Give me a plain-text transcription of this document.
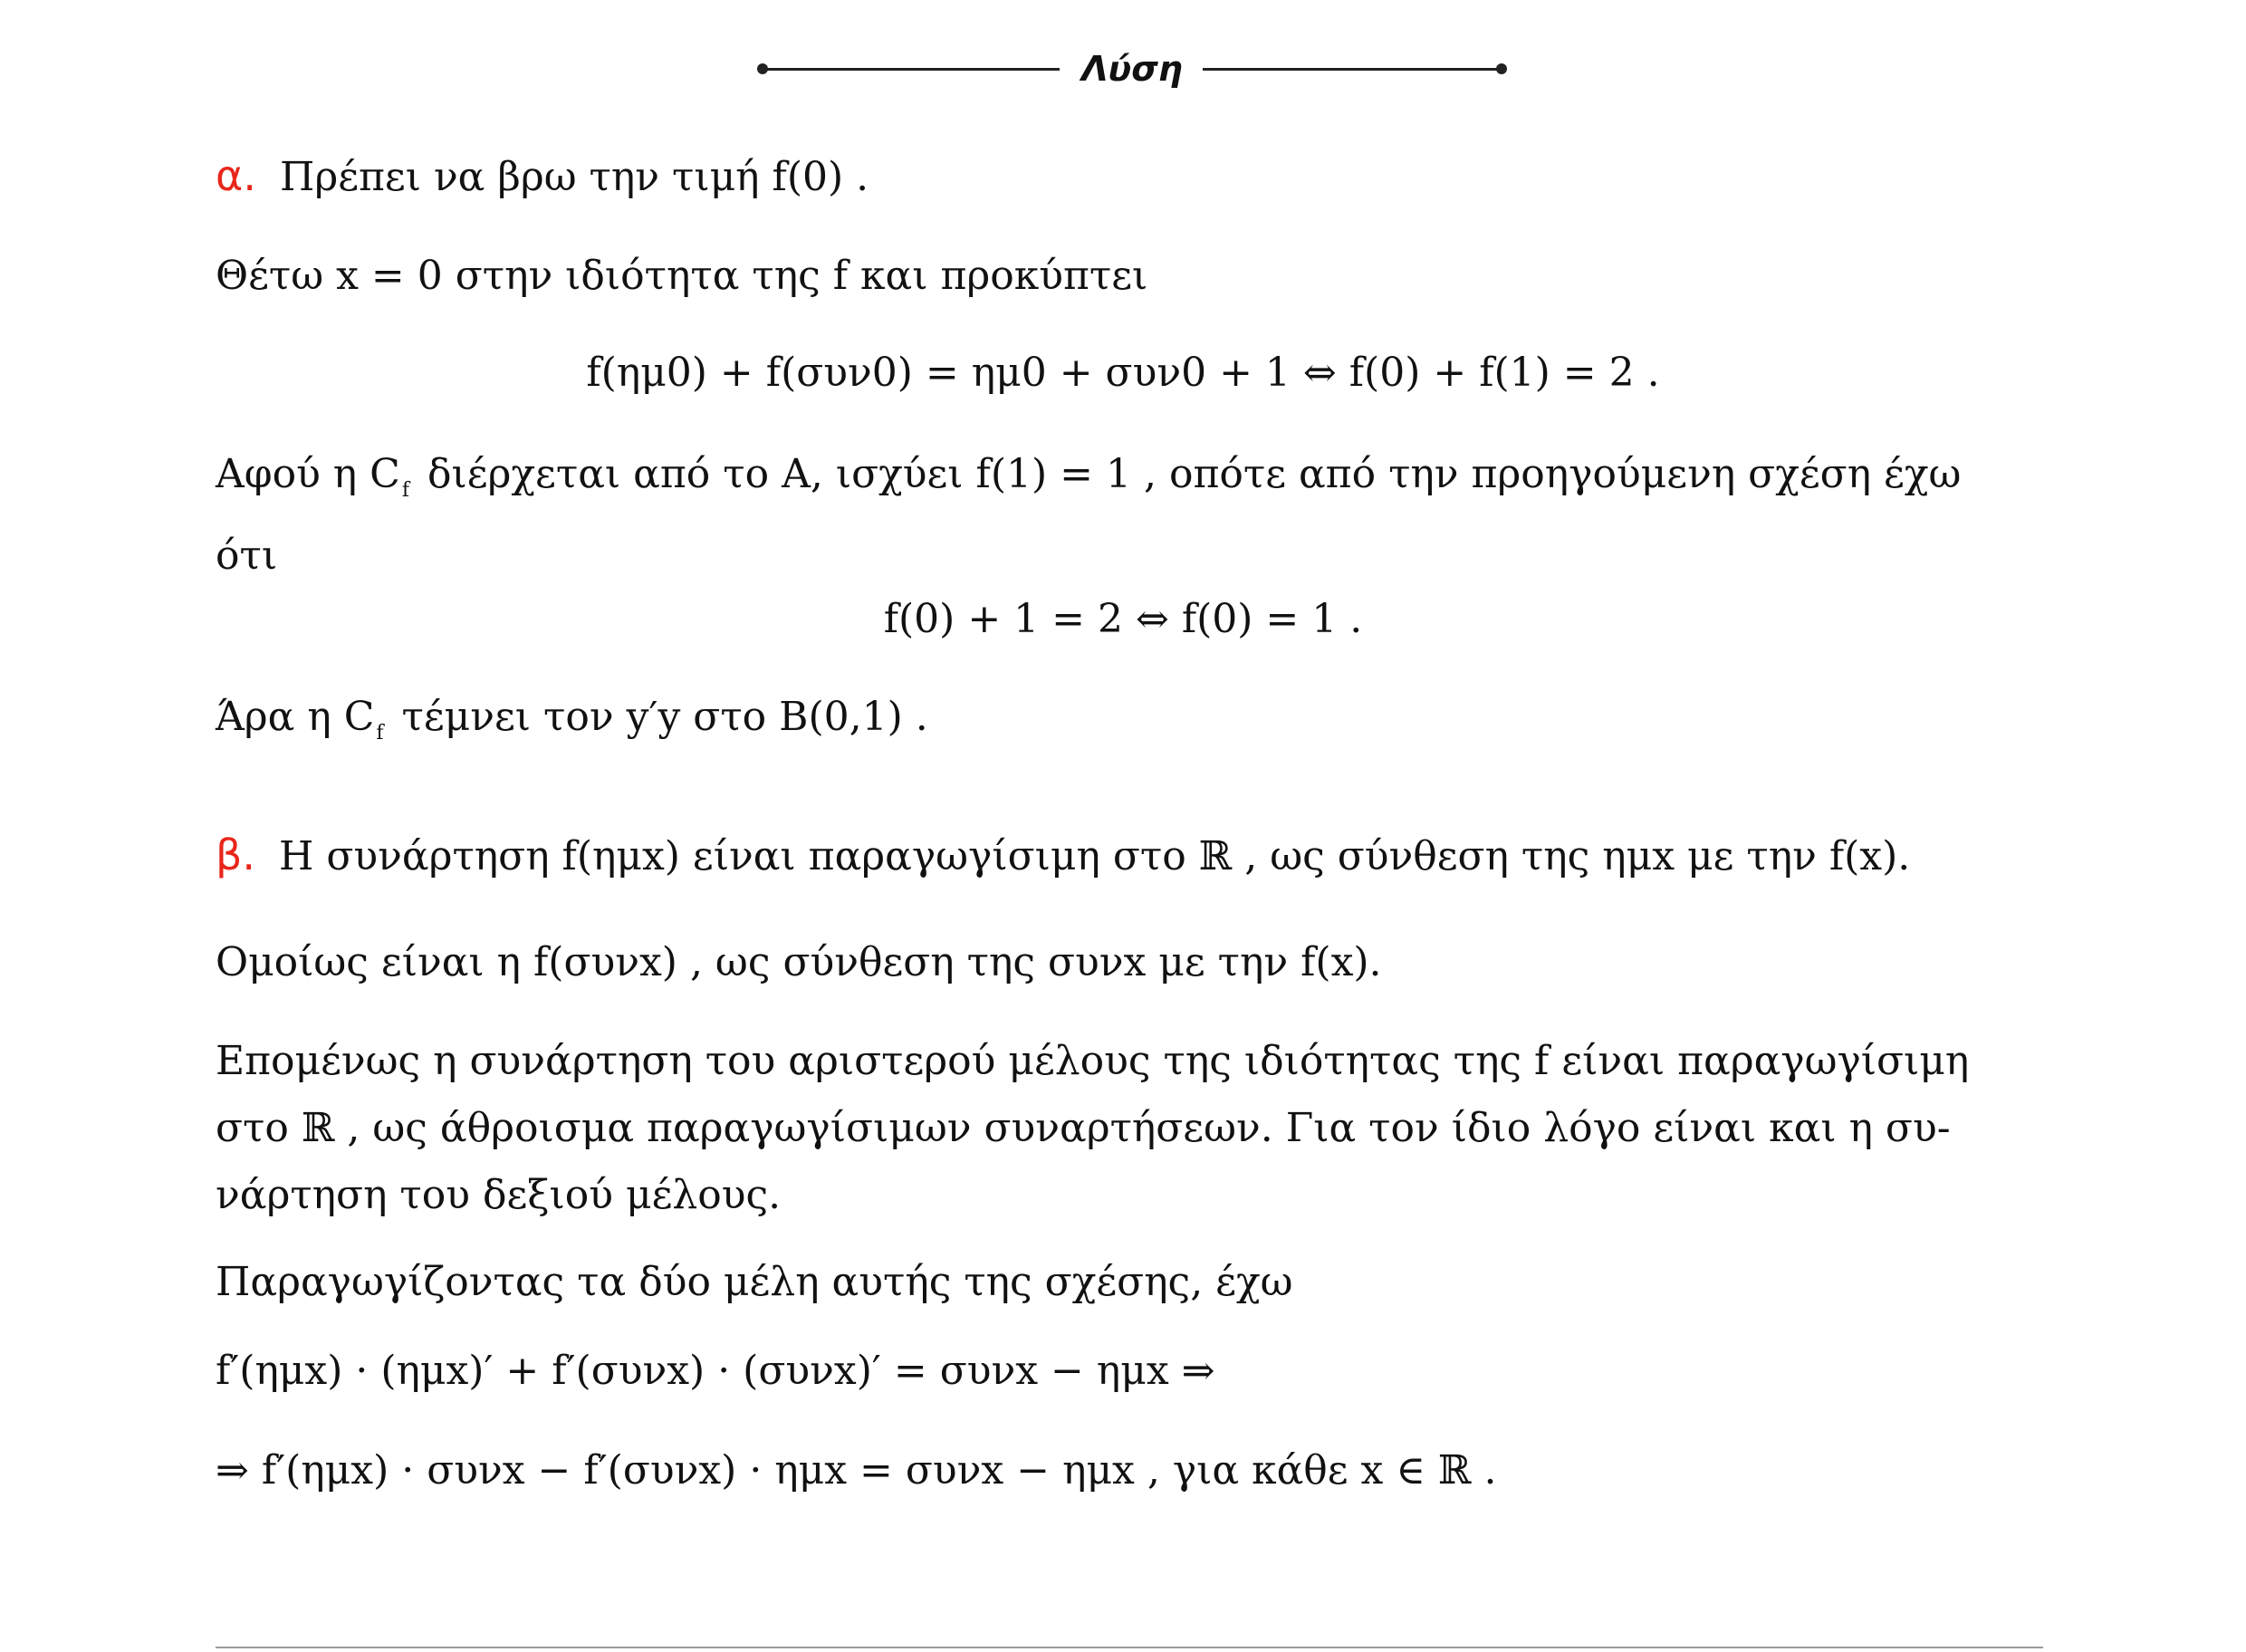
Λύση
α. Πρέπει να βρω την τιμή f(0) .
Θέτω x = 0 στην ιδιότητα της f και προκύπτει
f(ημ0) + f(συν0) = ημ0 + συν0 + 1 ⇔ f(0) + f(1) = 2 .
Αφού η $C_f$ διέρχεται από το Α, ισχύει f(1) = 1 , οπότε από την προηγούμενη σχέση έχω
ότι
f(0) + 1 = 2 ⇔ f(0) = 1 .
Άρα η $C_f$ τέμνει τον y′y στο Β(0,1) .
β. Η συνάρτηση f(ημx) είναι παραγωγίσιμη στο ℝ , ως σύνθεση της ημx με την f(x).
Ομοίως είναι η f(συνx) , ως σύνθεση της συνx με την f(x).
Επομένως η συνάρτηση του αριστερού μέλους της ιδιότητας της f είναι παραγωγίσιμη
στο ℝ , ως άθροισμα παραγωγίσιμων συναρτήσεων. Για τον ίδιο λόγο είναι και η συ-
νάρτηση του δεξιού μέλους.
Παραγωγίζοντας τα δύο μέλη αυτής της σχέσης, έχω
f′(ημx) · (ημx)′ + f′(συνx) · (συνx)′ = συνx − ημx ⇒
⇒ f′(ημx) · συνx − f′(συνx) · ημx = συνx − ημx , για κάθε x ∈ ℝ .
